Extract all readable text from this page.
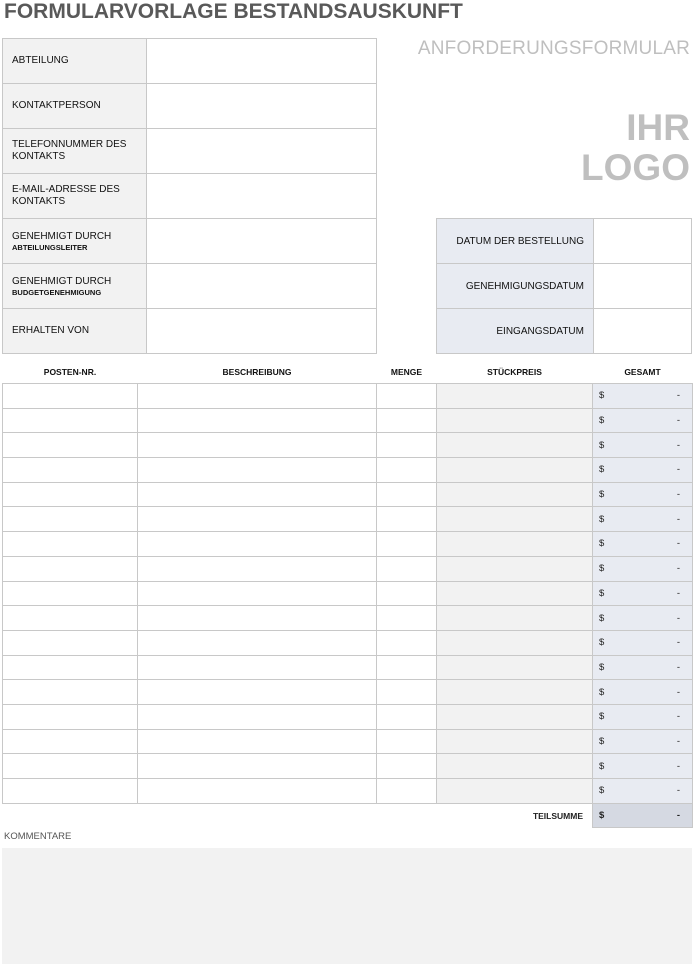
FORMULARVORLAGE BESTANDSAUSKUNFT
ANFORDERUNGSFORMULAR
IHR
LOGO
ABTEILUNG	
KONTAKTPERSON	
TELEFONNUMMER DES KONTAKTS	
E-MAIL-ADRESSE DES KONTAKTS	
GENEHMIGT DURCH
ABTEILUNGSLEITER	

GENEHMIGT DURCH
BUDGETGENEHMIGUNG	

ERHALTEN VON	
DATUM DER BESTELLUNG	
GENEHMIGUNGSDATUM	
EINGANGSDATUM	
POSTEN-NR.	BESCHREIBUNG	MENGE	STÜCKPREIS	GESAMT

				$ -

				$ -

				$ -

				$ -

				$ -

				$ -

				$ -

				$ -

				$ -

				$ -

				$ -

				$ -

				$ -

				$ -

				$ -

				$ -

				$ -

TEILSUMME				$ -
KOMMENTARE
